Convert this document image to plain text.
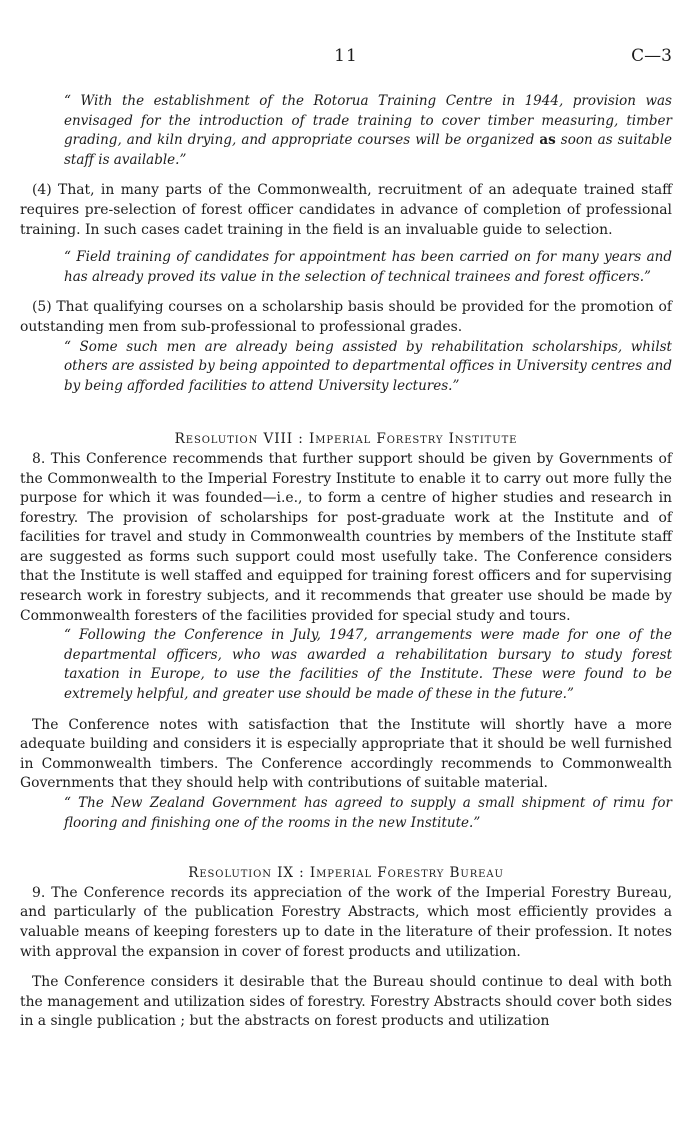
11	C—3

“ With the establishment of the Rotorua Training Centre in 1944, provision was envisaged for the introduction of trade training to cover timber measuring, timber grading, and kiln drying, and appropriate courses will be organized as soon as suitable staff is available.”

(4) That, in many parts of the Commonwealth, recruitment of an adequate trained staff requires pre-selection of forest officer candidates in advance of completion of professional training. In such cases cadet training in the field is an invaluable guide to selection.

“ Field training of candidates for appointment has been carried on for many years and has already proved its value in the selection of technical trainees and forest officers.”

(5) That qualifying courses on a scholarship basis should be provided for the promotion of outstanding men from sub-professional to professional grades.

“ Some such men are already being assisted by rehabilitation scholarships, whilst others are assisted by being appointed to departmental offices in University centres and by being afforded facilities to attend University lectures.”

Resolution VIII : Imperial Forestry Institute

8. This Conference recommends that further support should be given by Governments of the Commonwealth to the Imperial Forestry Institute to enable it to carry out more fully the purpose for which it was founded—i.e., to form a centre of higher studies and research in forestry. The provision of scholarships for post-graduate work at the Institute and of facilities for travel and study in Commonwealth countries by members of the Institute staff are suggested as forms such support could most usefully take. The Conference considers that the Institute is well staffed and equipped for training forest officers and for supervising research work in forestry subjects, and it recommends that greater use should be made by Commonwealth foresters of the facilities provided for special study and tours.

“ Following the Conference in July, 1947, arrangements were made for one of the departmental officers, who was awarded a rehabilitation bursary to study forest taxation in Europe, to use the facilities of the Institute. These were found to be extremely helpful, and greater use should be made of these in the future.”

The Conference notes with satisfaction that the Institute will shortly have a more adequate building and considers it is especially appropriate that it should be well furnished in Commonwealth timbers. The Conference accordingly recommends to Commonwealth Governments that they should help with contributions of suitable material.

“ The New Zealand Government has agreed to supply a small shipment of rimu for flooring and finishing one of the rooms in the new Institute.”

Resolution IX : Imperial Forestry Bureau

9. The Conference records its appreciation of the work of the Imperial Forestry Bureau, and particularly of the publication Forestry Abstracts, which most efficiently provides a valuable means of keeping foresters up to date in the literature of their profession. It notes with approval the expansion in cover of forest products and utilization.

The Conference considers it desirable that the Bureau should continue to deal with both the management and utilization sides of forestry. Forestry Abstracts should cover both sides in a single publication ; but the abstracts on forest products and utilization
